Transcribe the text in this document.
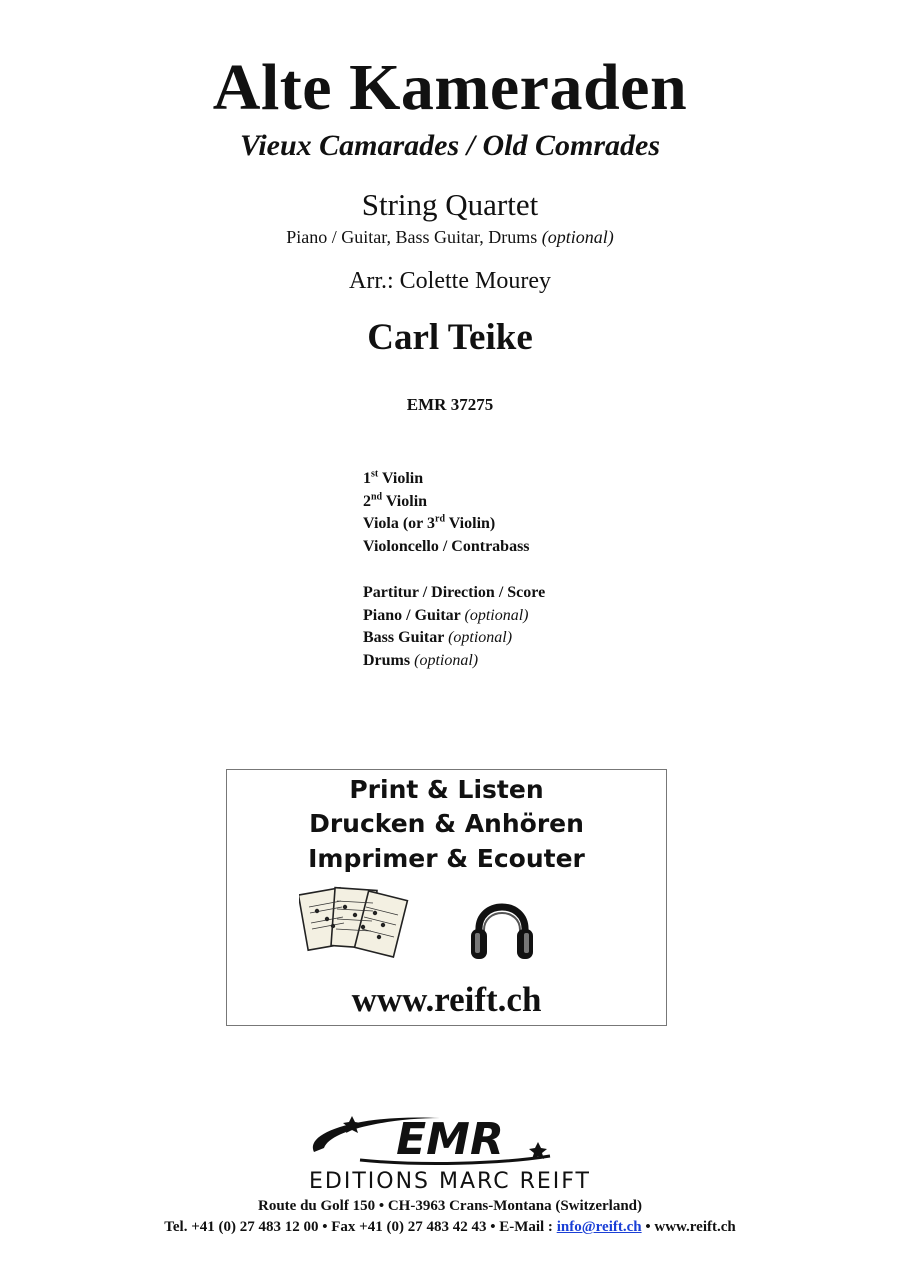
Alte Kameraden
Vieux Camarades / Old Comrades
String Quartet
Piano / Guitar, Bass Guitar, Drums (optional)
Arr.: Colette Mourey
Carl Teike
EMR 37275
1st Violin
2nd Violin
Viola (or 3rd Violin)
Violoncello / Contrabass
Partitur / Direction / Score
Piano / Guitar (optional)
Bass Guitar (optional)
Drums (optional)
Print & Listen
Drucken & Anhören
Imprimer & Ecouter
www.reift.ch
EMR
EDITIONS MARC REIFT
Route du Golf 150 • CH-3963 Crans-Montana (Switzerland)
Tel. +41 (0) 27 483 12 00 • Fax +41 (0) 27 483 42 43 • E-Mail : info@reift.ch • www.reift.ch
